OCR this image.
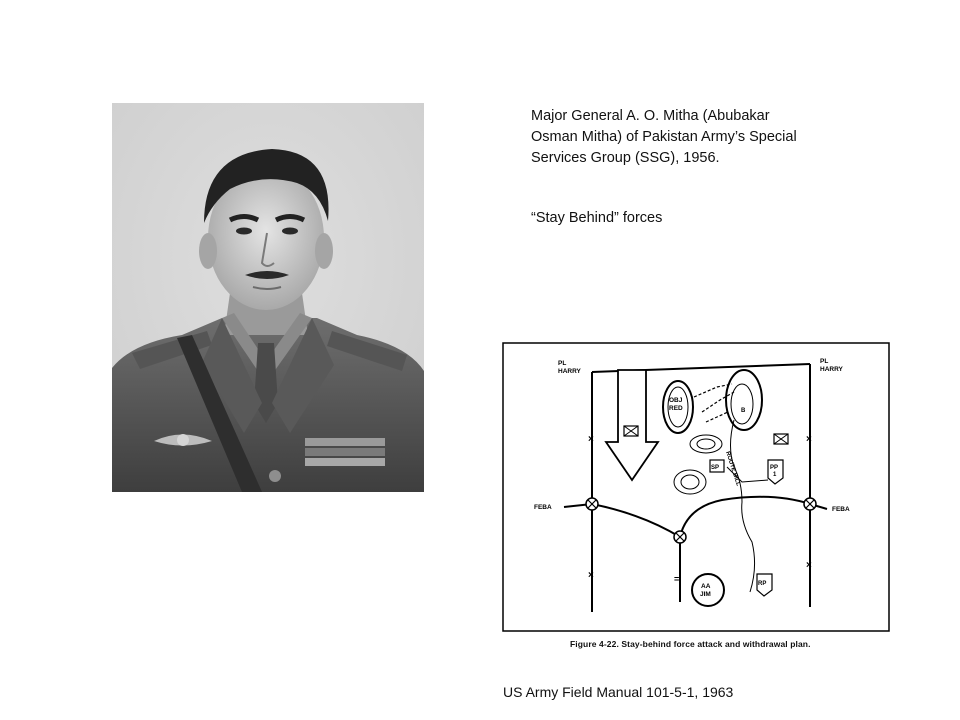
Major General A. O. Mitha (Abubakar

Osman Mitha) of Pakistan Army’s Special

Services Group (SSG), 1956.

“Stay Behind” forces
PL
HARRY
PL
HARRY
×
×
×
×
FEBA	FEBA
=
OBJ
RED	B
ROUTE BILL
SP	PP
1
AA
JIM
RP
Figure 4-22. Stay-behind force attack and withdrawal plan.
US Army Field Manual 101-5-1, 1963
